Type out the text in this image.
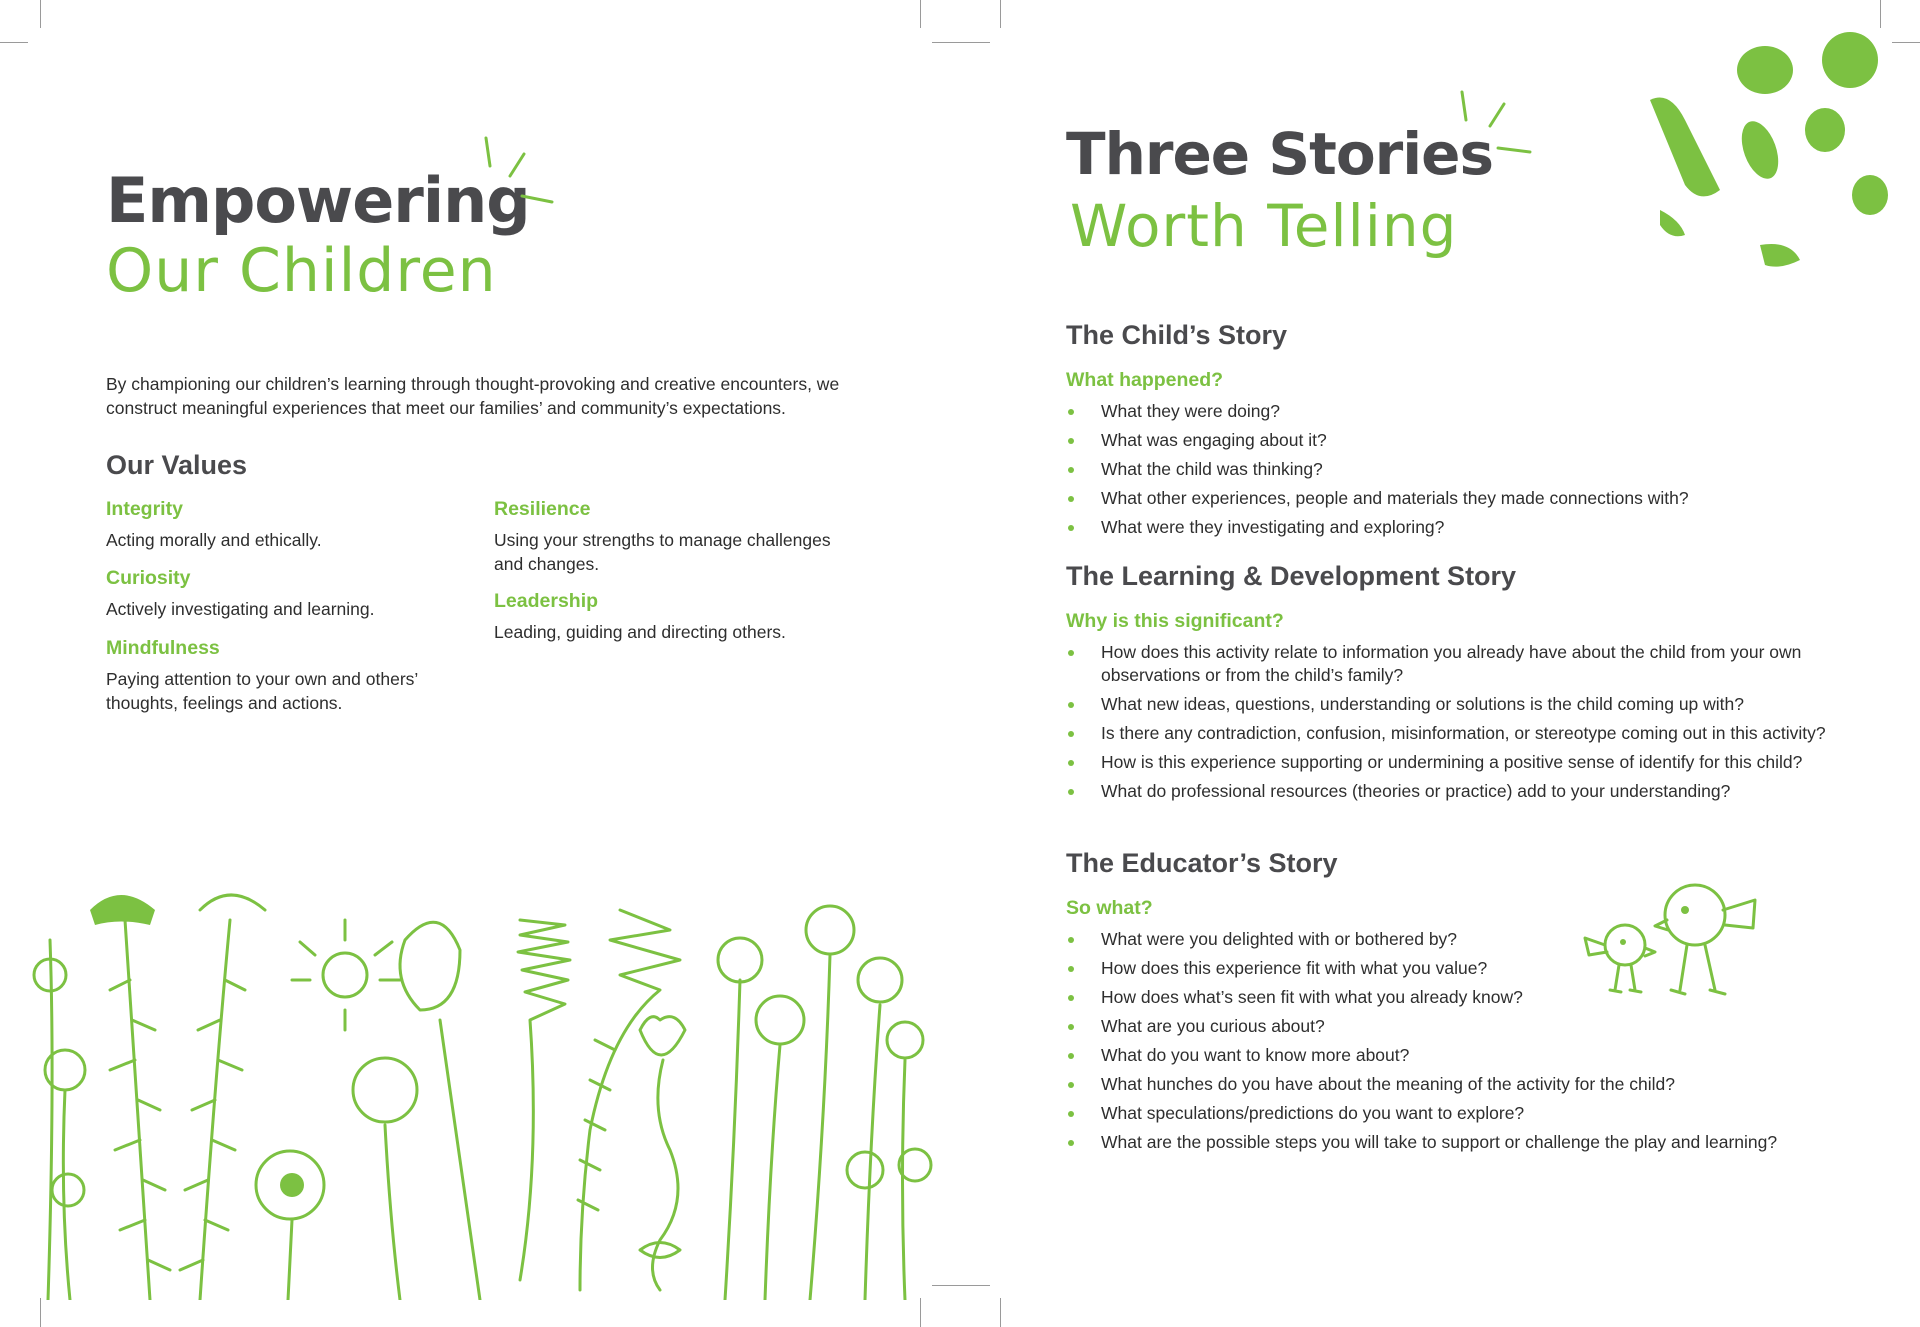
Empowering
Our Children

By championing our children’s learning through thought-provoking and creative encounters, we construct meaningful experiences that meet our families’ and community’s expectations.

Our Values
Integrity
Acting morally and ethically.
Curiosity
Actively investigating and learning.
Mindfulness
Paying attention to your own and others’ thoughts, feelings and actions.
Resilience
Using your strengths to manage challenges and changes.
Leadership
Leading, guiding and directing others.
Three Stories
Worth Telling
The Child’s Story
What happened?
What they were doing?
What was engaging about it?
What the child was thinking?
What other experiences, people and materials they made connections with?
What were they investigating and exploring?
The Learning & Development Story
Why is this significant?
How does this activity relate to information you already have about the child from your own observations or from the child’s family?
What new ideas, questions, understanding or solutions is the child coming up with?
Is there any contradiction, confusion, misinformation, or stereotype coming out in this activity?
How is this experience supporting or undermining a positive sense of identify for this child?
What do professional resources (theories or practice) add to your understanding?
The Educator’s Story
So what?
What were you delighted with or bothered by?
How does this experience fit with what you value?
How does what’s seen fit with what you already know?
What are you curious about?
What do you want to know more about?
What hunches do you have about the meaning of the activity for the child?
What speculations/predictions do you want to explore?
What are the possible steps you will take to support or challenge the play and learning?
